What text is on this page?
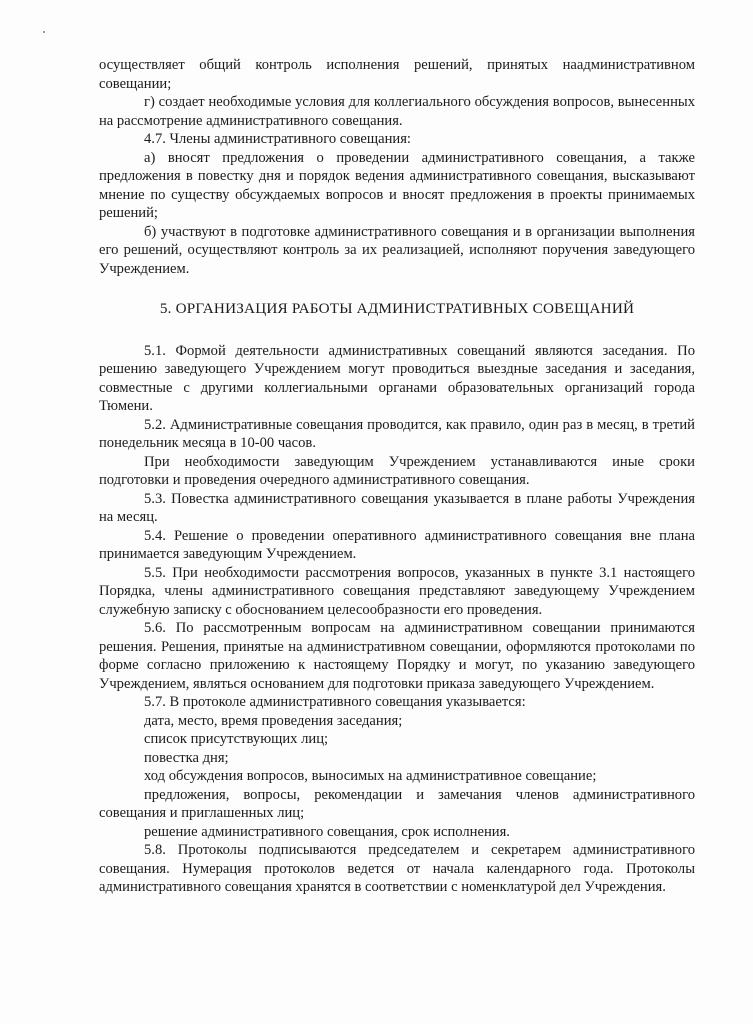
осуществляет общий контроль исполнения решений, принятых наадминистративном совещании;

г) создает необходимые условия для коллегиального обсуждения вопросов, вынесенных на рассмотрение административного совещания.

4.7. Члены административного совещания:

а) вносят предложения о проведении административного совещания, а также предложения в повестку дня и порядок ведения административного совещания, высказывают мнение по существу обсуждаемых вопросов и вносят предложения в проекты принимаемых решений;

б) участвуют в подготовке административного совещания и в организации выполнения его решений, осуществляют контроль за их реализацией, исполняют поручения заведующего Учреждением.

5. ОРГАНИЗАЦИЯ РАБОТЫ АДМИНИСТРАТИВНЫХ СОВЕЩАНИЙ

5.1. Формой деятельности административных совещаний являются заседания. По решению заведующего Учреждением могут проводиться выездные заседания и заседания, совместные с другими коллегиальными органами образовательных организаций города Тюмени.

5.2. Административные совещания проводится, как правило, один раз в месяц, в третий понедельник месяца в 10-00 часов.

При необходимости заведующим Учреждением устанавливаются иные сроки подготовки и проведения очередного административного совещания.

5.3. Повестка административного совещания указывается в плане работы Учреждения на месяц.

5.4. Решение о проведении оперативного административного совещания вне плана принимается заведующим Учреждением.

5.5. При необходимости рассмотрения вопросов, указанных в пункте 3.1 настоящего Порядка, члены административного совещания представляют заведующему Учреждением служебную записку с обоснованием целесообразности его проведения.

5.6. По рассмотренным вопросам на административном совещании принимаются решения. Решения, принятые на административном совещании, оформляются протоколами по форме согласно приложению к настоящему Порядку и могут, по указанию заведующего Учреждением, являться основанием для подготовки приказа заведующего Учреждением.

5.7. В протоколе административного совещания указывается:

дата, место, время проведения заседания;

список присутствующих лиц;

повестка дня;

ход обсуждения вопросов, выносимых на административное совещание;

предложения, вопросы, рекомендации и замечания членов административного совещания и приглашенных лиц;

решение административного совещания, срок исполнения.

5.8. Протоколы подписываются председателем и секретарем административного совещания. Нумерация протоколов ведется от начала календарного года. Протоколы административного совещания хранятся в соответствии с номенклатурой дел Учреждения.
